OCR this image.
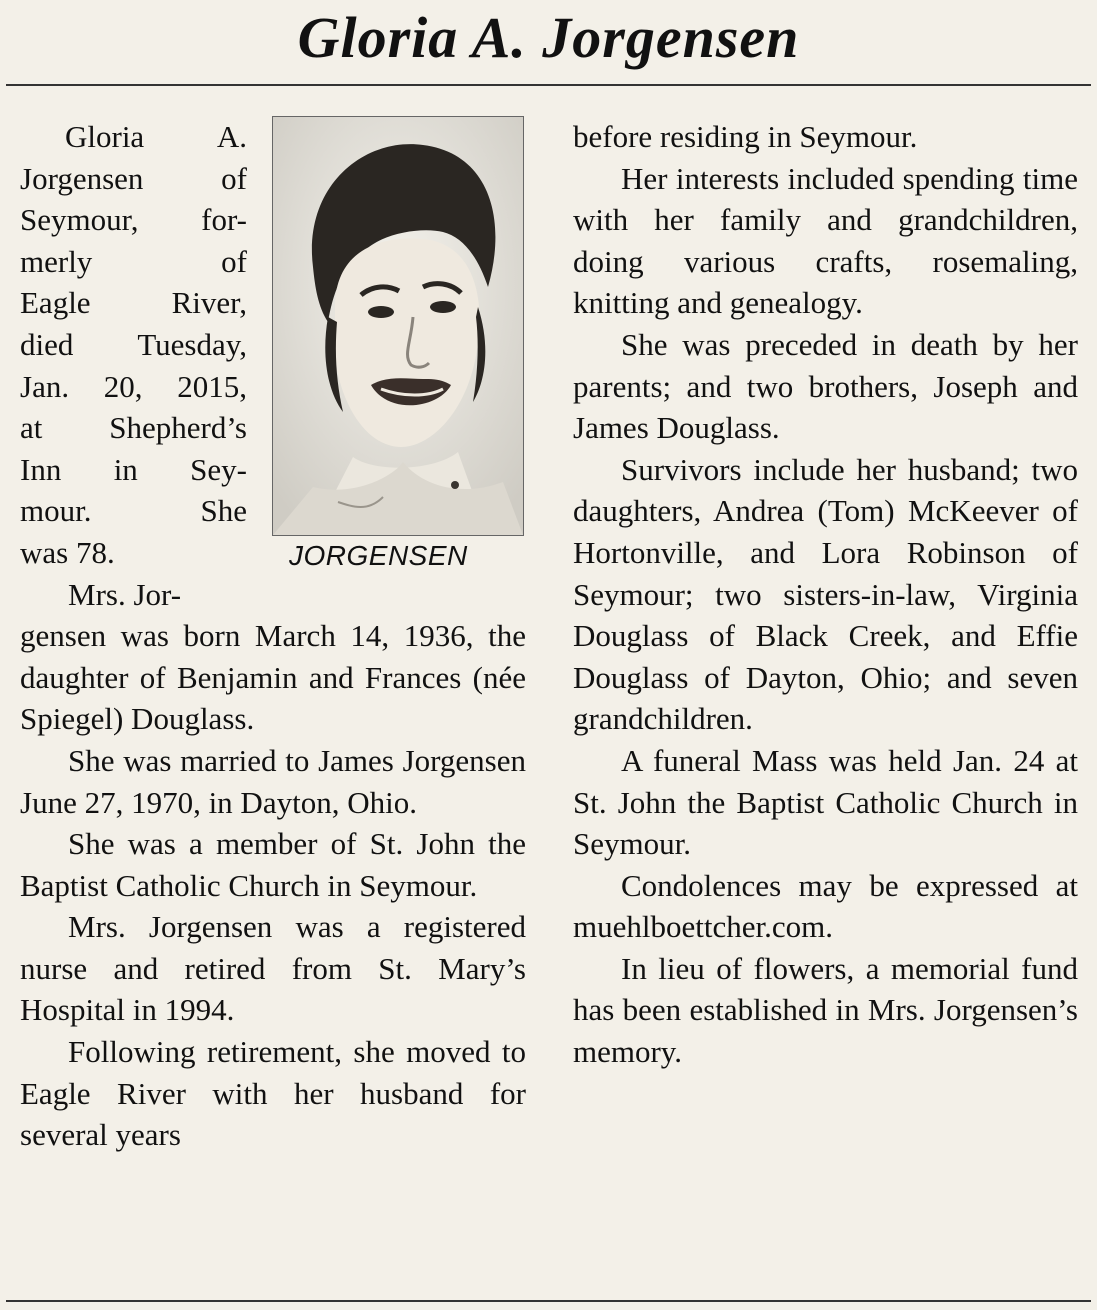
Gloria A. Jorgensen
JORGENSEN
Gloria A.
Jorgensen of
Seymour, for-
merly of
Eagle River,
died Tuesday,
Jan. 20, 2015,
at Shepherd’s
Inn in Sey-
mour. She
was 78.
Mrs. Jor-

gensen was born March 14, 1936, the daughter of Benjamin and Frances (née Spiegel) Douglass.

She was married to James Jorgensen June 27, 1970, in Dayton, Ohio.

She was a member of St. John the Baptist Catholic Church in Seymour.

Mrs. Jorgensen was a registered nurse and retired from St. Mary’s Hospital in 1994.

Following retirement, she moved to Eagle River with her husband for several years

before residing in Seymour.

Her interests included spending time with her family and grandchildren, doing various crafts, rosemaling, knitting and genealogy.

She was preceded in death by her parents; and two brothers, Joseph and James Douglass.

Survivors include her husband; two daughters, Andrea (Tom) McKeever of Hortonville, and Lora Robinson of Seymour; two sisters-in-law, Virginia Douglass of Black Creek, and Effie Douglass of Dayton, Ohio; and seven grandchildren.

A funeral Mass was held Jan. 24 at St. John the Baptist Catholic Church in Seymour.

Condolences may be expressed at muehlboettcher.com.

In lieu of flowers, a memorial fund has been established in Mrs. Jorgensen’s memory.
